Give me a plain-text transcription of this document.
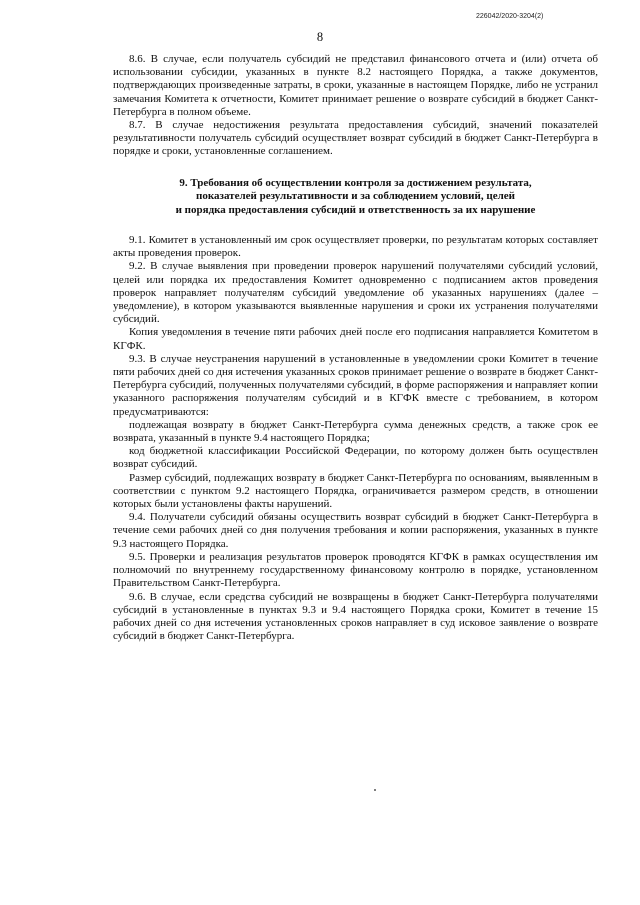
226042/2020-3204(2)
8

8.6. В случае, если получатель субсидий не представил финансового отчета и (или) отчета об использовании субсидии, указанных в пункте 8.2 настоящего Порядка, а также документов, подтверждающих произведенные затраты, в сроки, указанные в настоящем Порядке, либо не устранил замечания Комитета к отчетности, Комитет принимает решение о возврате субсидий в бюджет Санкт-Петербурга в полном объеме.

8.7. В случае недостижения результата предоставления субсидий, значений показателей результативности получатель субсидий осуществляет возврат субсидий в бюджет Санкт-Петербурга в порядке и сроки, установленные соглашением.

9. Требования об осуществлении контроля за достижением результата,
показателей результативности и за соблюдением условий, целей
и порядка предоставления субсидий и ответственность за их нарушение

9.1. Комитет в установленный им срок осуществляет проверки, по результатам которых составляет акты проведения проверок.

9.2. В случае выявления при проведении проверок нарушений получателями субсидий условий, целей или порядка их предоставления Комитет одновременно с подписанием актов проведения проверок направляет получателям субсидий уведомление об указанных нарушениях (далее – уведомление), в котором указываются выявленные нарушения и сроки их устранения получателями субсидий.

Копия уведомления в течение пяти рабочих дней после его подписания направляется Комитетом в КГФК.

9.3. В случае неустранения нарушений в установленные в уведомлении сроки Комитет в течение пяти рабочих дней со дня истечения указанных сроков принимает решение о возврате в бюджет Санкт-Петербурга субсидий, полученных получателями субсидий, в форме распоряжения и направляет копии указанного распоряжения получателям субсидий и в КГФК вместе с требованием, в котором предусматриваются:

подлежащая возврату в бюджет Санкт-Петербурга сумма денежных средств, а также срок ее возврата, указанный в пункте 9.4 настоящего Порядка;

код бюджетной классификации Российской Федерации, по которому должен быть осуществлен возврат субсидий.

Размер субсидий, подлежащих возврату в бюджет Санкт-Петербурга по основаниям, выявленным в соответствии с пунктом 9.2 настоящего Порядка, ограничивается размером средств, в отношении которых были установлены факты нарушений.

9.4. Получатели субсидий обязаны осуществить возврат субсидий в бюджет Санкт-Петербурга в течение семи рабочих дней со дня получения требования и копии распоряжения, указанных в пункте 9.3 настоящего Порядка.

9.5. Проверки и реализация результатов проверок проводятся КГФК в рамках осуществления им полномочий по внутреннему государственному финансовому контролю в порядке, установленном Правительством Санкт-Петербурга.

9.6. В случае, если средства субсидий не возвращены в бюджет Санкт-Петербурга получателями субсидий в установленные в пунктах 9.3 и 9.4 настоящего Порядка сроки, Комитет в течение 15 рабочих дней со дня истечения установленных сроков направляет в суд исковое заявление о возврате субсидий в бюджет Санкт-Петербурга.
